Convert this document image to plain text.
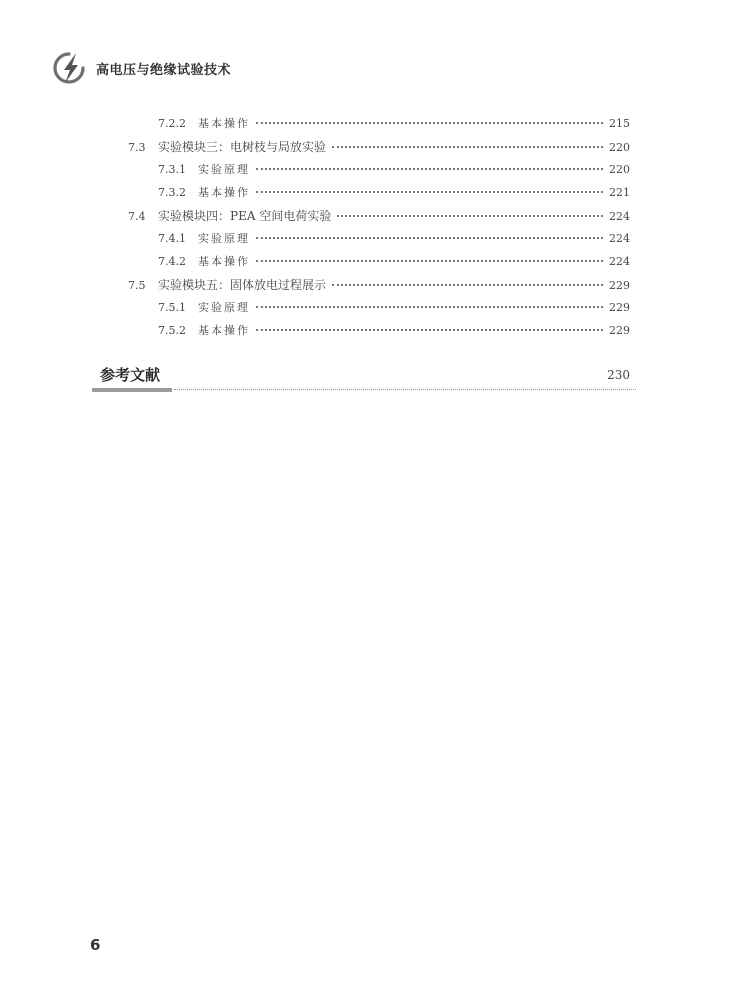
高电压与绝缘试验技术
7.2.2	基本操作	215
7.3	实验模块三：电树枝与局放实验	220
7.3.1	实验原理	220
7.3.2	基本操作	221
7.4	实验模块四：PEA 空间电荷实验	224
7.4.1	实验原理	224
7.4.2	基本操作	224
7.5	实验模块五：固体放电过程展示	229
7.5.1	实验原理	229
7.5.2	基本操作	229
参考文献	230
6
